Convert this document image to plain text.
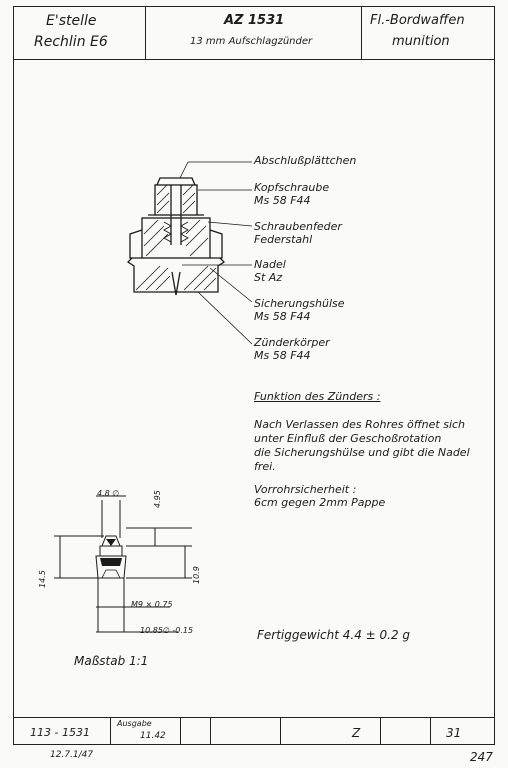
E'stelle
Rechlin E6
AZ 1531
13 mm Aufschlagzünder
Fl.-Bordwaffen
munition
Abschlußplättchen
Kopfschraube
Ms 58 F44
Schraubenfeder
Federstahl
Nadel
St Az
Sicherungshülse
Ms 58 F44
Zünderkörper
Ms 58 F44
Funktion des Zünders :
Nach Verlassen des Rohres öffnet sich
unter Einfluß der Geschoßrotation
die Sicherungshülse und gibt die Nadel
frei.
Vorrohrsicherheit :
6cm gegen 2mm Pappe
4.8 ∅	4.95
14.5	10.9
M9 × 0.75
10.85∅ -0.15	Fertiggewicht 4.4 ± 0.2 g
Maßstab 1:1
113 - 1531
Ausgabe
11.42	Z	31
12.7.1/47	247
